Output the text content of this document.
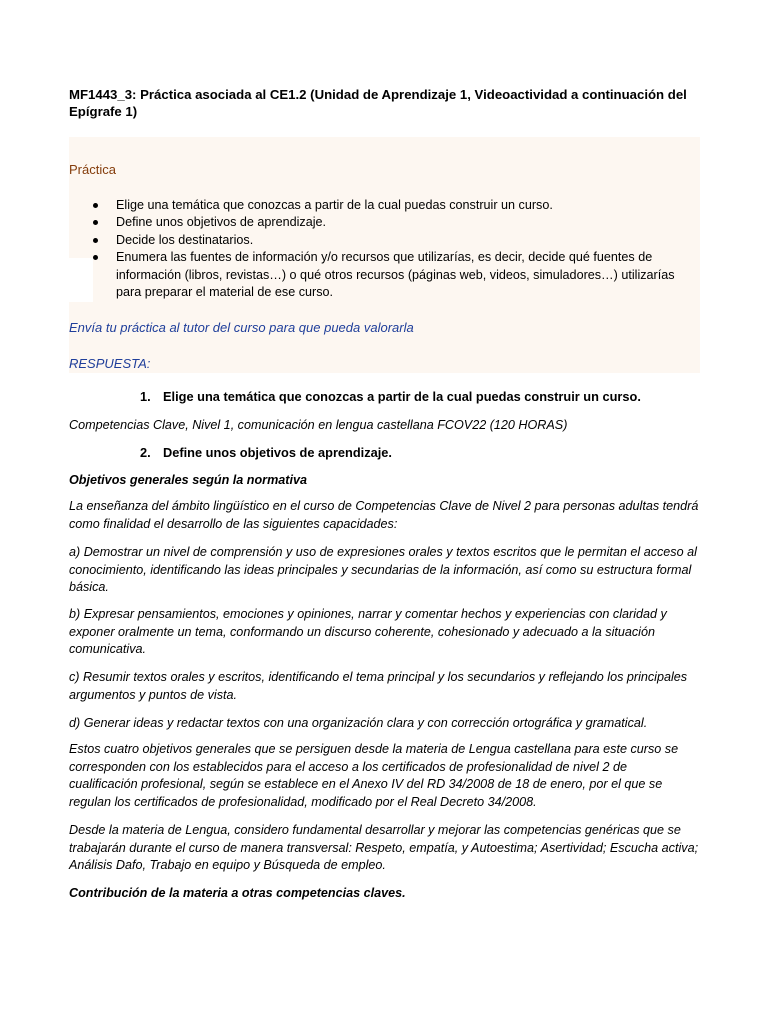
MF1443_3: Práctica asociada al CE1.2 (Unidad de Aprendizaje 1, Videoactividad a continuación del Epígrafe 1)
Práctica
Elige una temática que conozcas a partir de la cual puedas construir un curso.
Define unos objetivos de aprendizaje.
Decide los destinatarios.
Enumera las fuentes de información y/o recursos que utilizarías, es decir, decide qué fuentes de información (libros, revistas…) o qué otros recursos (páginas web, videos, simuladores…) utilizarías para preparar el material de ese curso.
Envía tu práctica al tutor del curso para que pueda valorarla
RESPUESTA:
1. Elige una temática que conozcas a partir de la cual puedas construir un curso.
Competencias Clave, Nivel 1, comunicación en lengua castellana FCOV22 (120 HORAS)
2. Define unos objetivos de aprendizaje.
Objetivos generales según la normativa
La enseñanza del ámbito lingüístico en el curso de Competencias Clave de Nivel 2 para personas adultas tendrá como finalidad el desarrollo de las siguientes capacidades:
a) Demostrar un nivel de comprensión y uso de expresiones orales y textos escritos que le permitan el acceso al conocimiento, identificando las ideas principales y secundarias de la información, así como su estructura formal básica.
b) Expresar pensamientos, emociones y opiniones, narrar y comentar hechos y experiencias con claridad y exponer oralmente un tema, conformando un discurso coherente, cohesionado y adecuado a la situación comunicativa.
c) Resumir textos orales y escritos, identificando el tema principal y los secundarios y reflejando los principales argumentos y puntos de vista.
d) Generar ideas y redactar textos con una organización clara y con corrección ortográfica y gramatical.
Estos cuatro objetivos generales que se persiguen desde la materia de Lengua castellana para este curso se corresponden con los establecidos para el acceso a los certificados de profesionalidad de nivel 2 de cualificación profesional, según se establece en el Anexo IV del RD 34/2008 de 18 de enero, por el que se regulan los certificados de profesionalidad, modificado por el Real Decreto 34/2008.
Desde la materia de Lengua, considero fundamental desarrollar y mejorar las competencias genéricas que se trabajarán durante el curso de manera transversal: Respeto, empatía, y Autoestima; Asertividad; Escucha activa; Análisis Dafo, Trabajo en equipo y Búsqueda de empleo.
Contribución de la materia a otras competencias claves.
